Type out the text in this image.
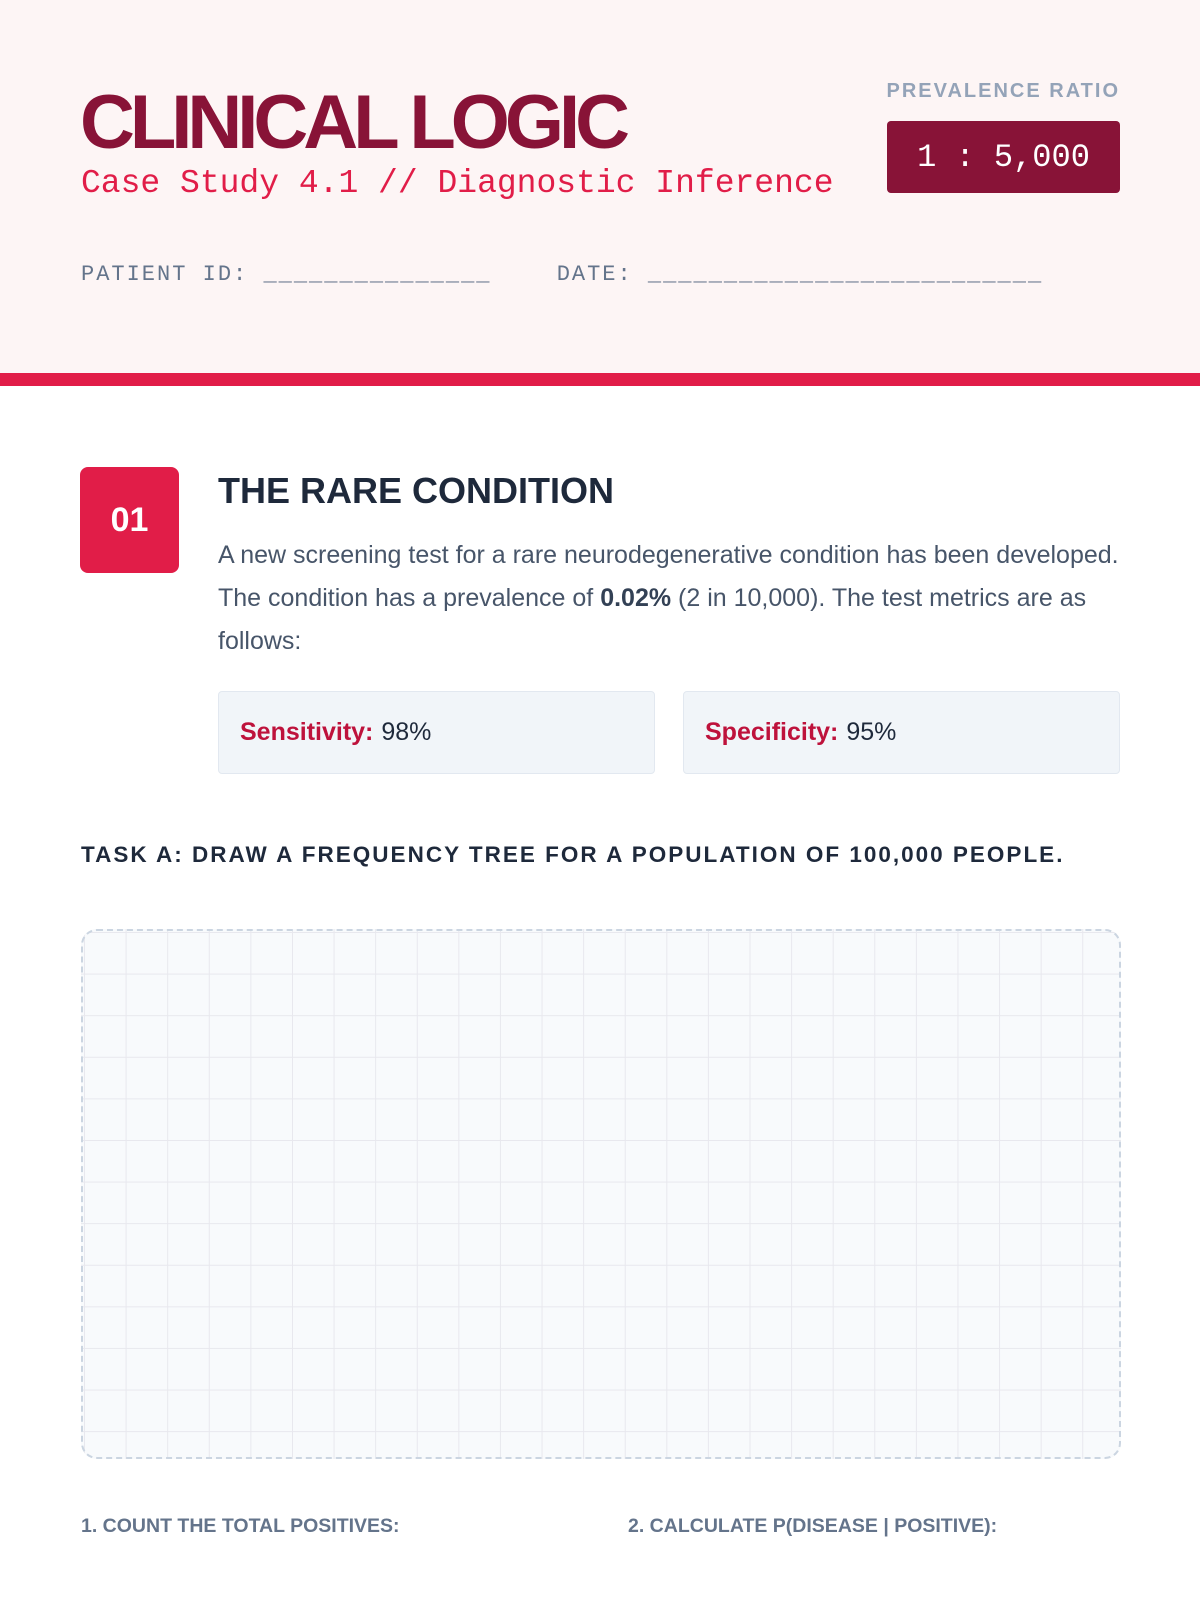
CLINICAL LOGIC
Case Study 4.1 // Diagnostic Inference
PREVALENCE RATIO
1 : 5,000
PATIENT ID: _______________	DATE: __________________________
01
THE RARE CONDITION
A new screening test for a rare neurodegenerative condition has been developed. The condition has a prevalence of 0.02% (2 in 10,000). The test metrics are as follows:
Sensitivity: 98%	Specificity: 95%
TASK A: DRAW A FREQUENCY TREE FOR A POPULATION OF 100,000 PEOPLE.
1. COUNT THE TOTAL POSITIVES:	2. CALCULATE P(DISEASE | POSITIVE):
